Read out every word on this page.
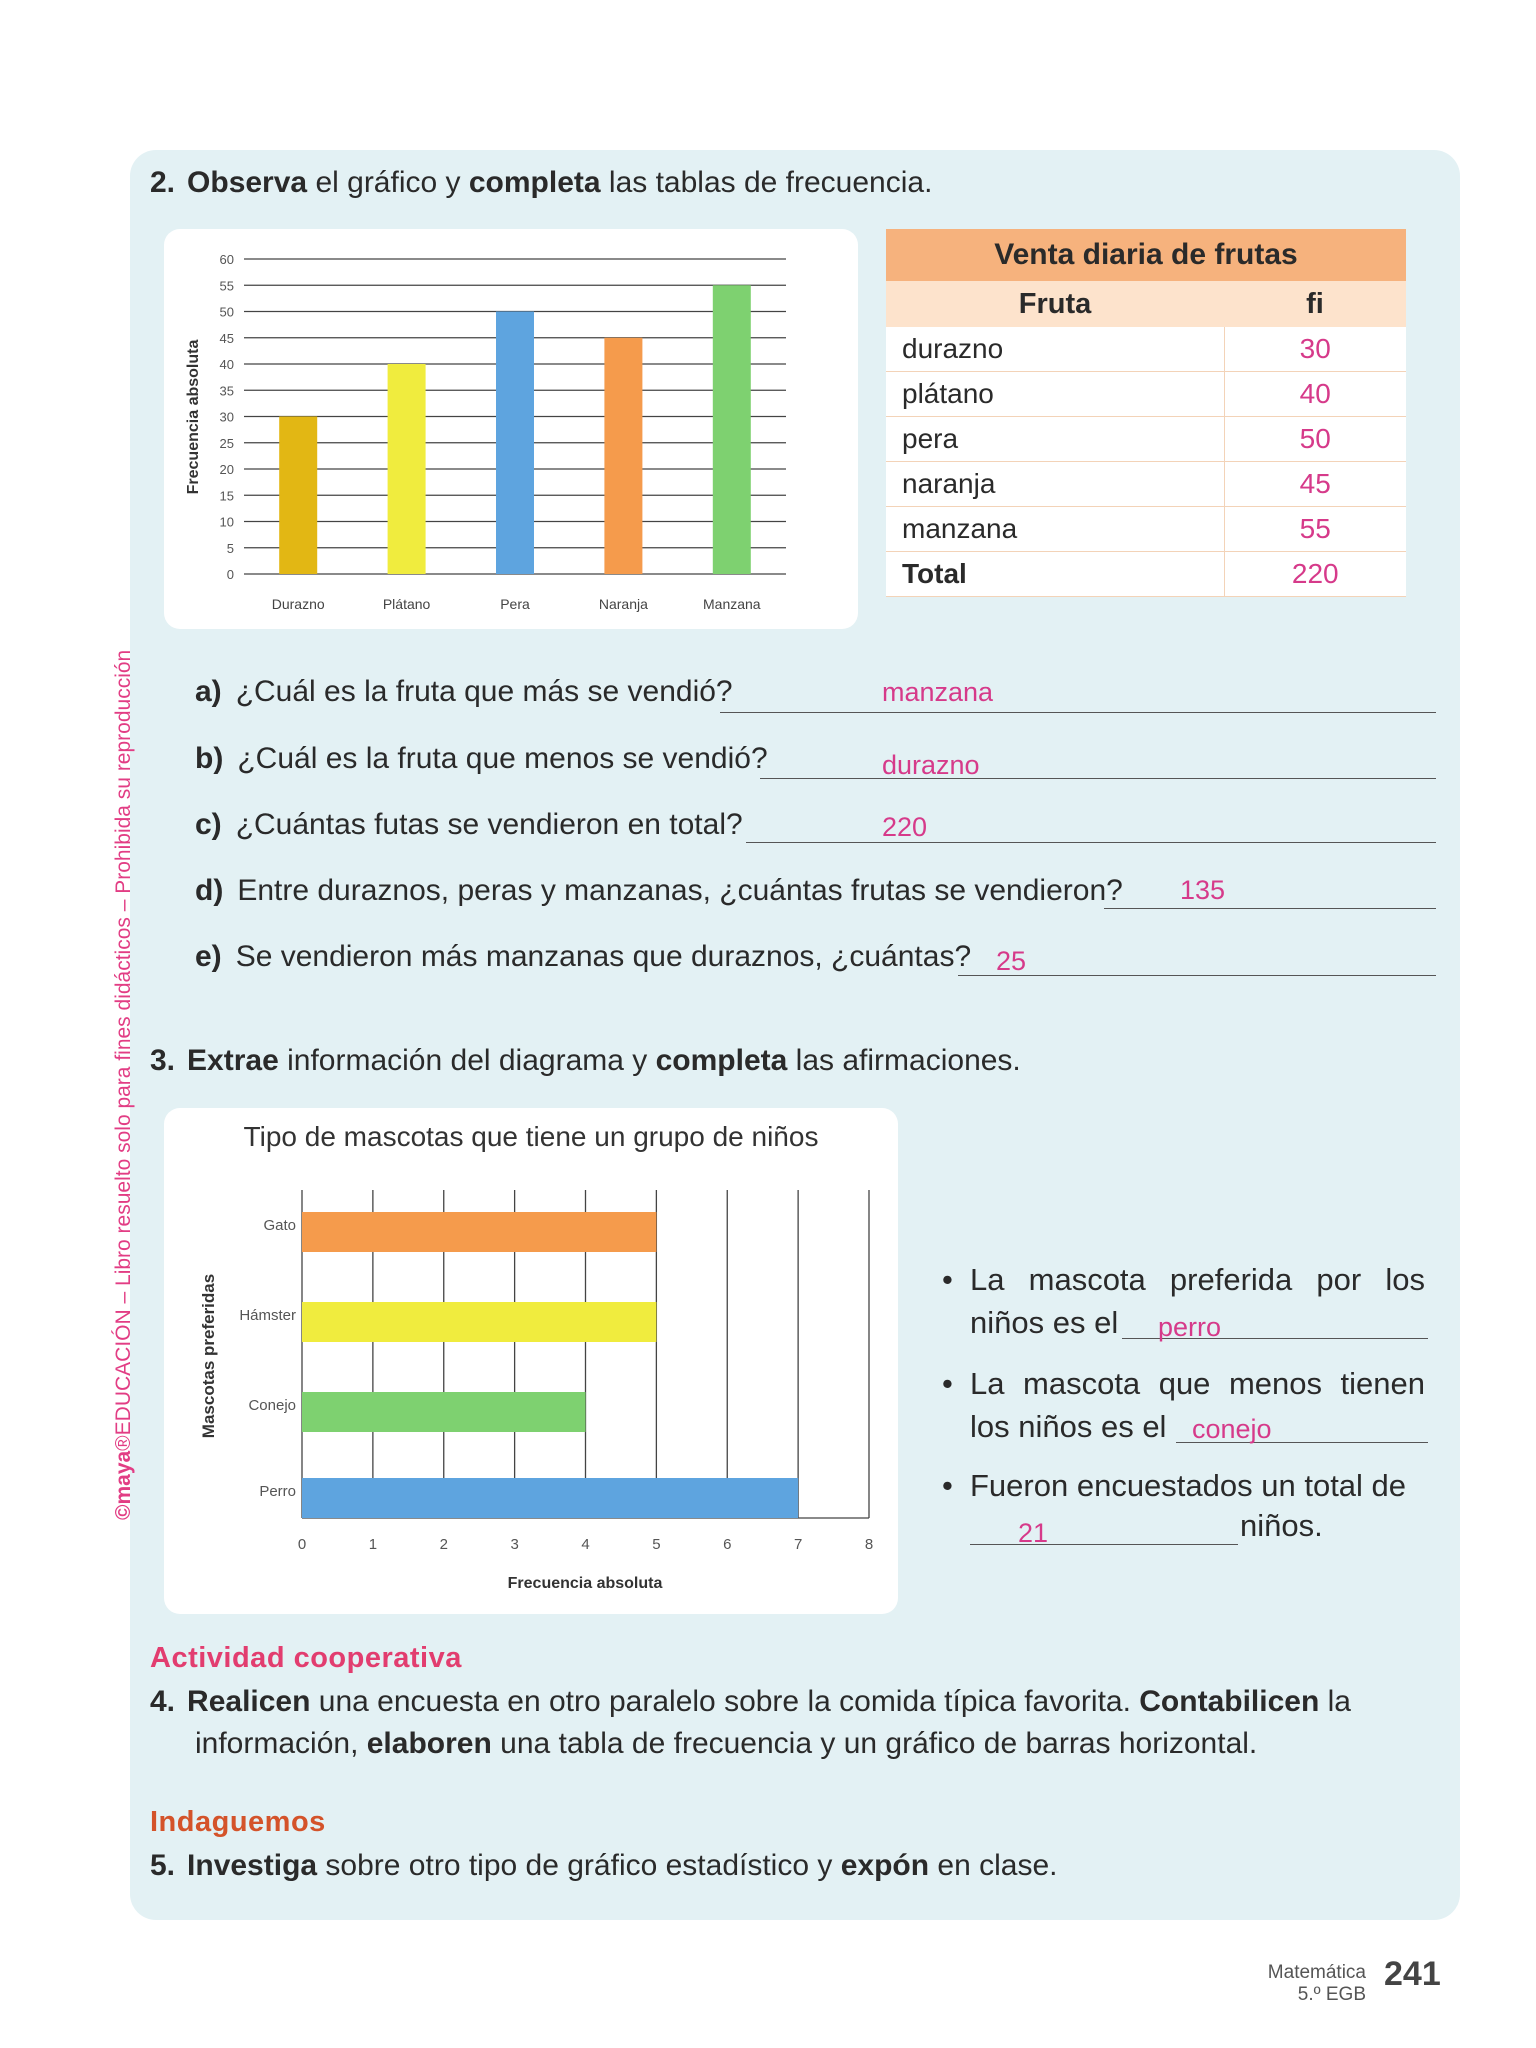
©maya®EDUCACIÓN – Libro resuelto solo para fines didácticos – Prohibida su reproducción
2. Observa el gráfico y completa las tablas de frecuencia.
0
5
10
15
20
25
30
35
40
45
50
55
60
Durazno	Plátano	Pera	Naranja	Manzana
Frecuencia absoluta
Venta diaria de frutas	
Fruta	fi
durazno	30
plátano	40
pera	50
naranja	45
manzana	55
Total	220
a) ¿Cuál es la fruta que más se vendió?	manzana
b) ¿Cuál es la fruta que menos se vendió?	durazno
c) ¿Cuántas futas se vendieron en total?	220
d) Entre duraznos, peras y manzanas, ¿cuántas frutas se vendieron? 135
e) Se vendieron más manzanas que duraznos, ¿cuántas? 25
3. Extrae información del diagrama y completa las afirmaciones.
Tipo de mascotas que tiene un grupo de niños
0	1	2	3	4	5	6	7	8
Gato
Hámster
Conejo
Perro
Frecuencia absoluta
Mascotas preferidas	• La mascota preferida por los niños es el	perro
• La mascota que menos tienen los niños es el conejo
• Fueron encuestados un total de
21	niños.
Actividad cooperativa
4. Realicen una encuesta en otro paralelo sobre la comida típica favorita. Contabilicen la
información, elaboren una tabla de frecuencia y un gráfico de barras horizontal.
Indaguemos
5. Investiga sobre otro tipo de gráfico estadístico y expón en clase.
Matemática
5.º EGB
241
